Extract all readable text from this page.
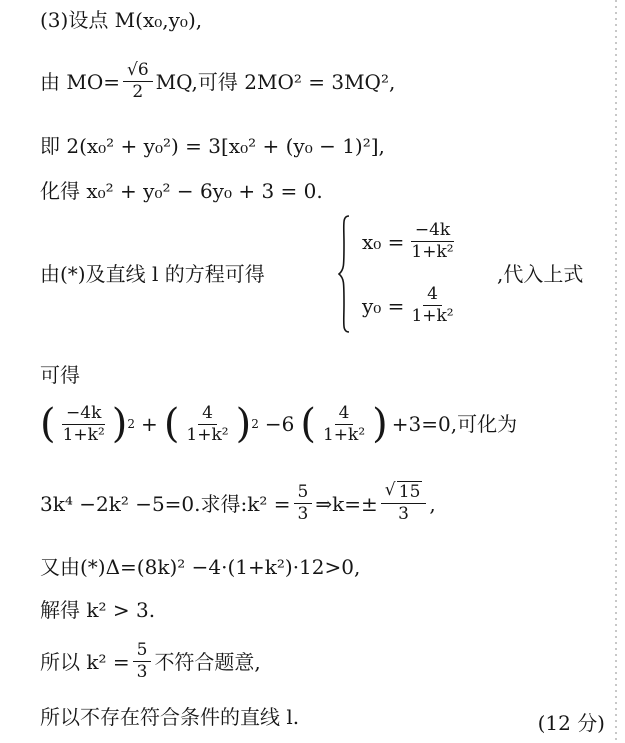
(3)设点 M(x₀,y₀),
由 $MO= \frac{√6}{2}$ MQ,可得 2MO² = 3MQ²,
即 2(x₀² + y₀²) = 3[x₀² + (y₀ − 1)²],
化得 x₀² + y₀² − 6y₀ + 3 = 0.
由(*)及直线 l 的方程可得
$x_0 = \frac{-4k}{\text{1+k²}}$
$y_0 = \frac{4}{\text{1+k²}}$
,代入上式
可得
( $\frac{-4k}{\text{1+k²}}$ ) 2 + ( $\frac{4}{\text{1+k²}}$ ) 2 −6 ( $\frac{4}{\text{1+k²}}$ ) +3=0,可化为
3k⁴ −2k² −5=0.求得:k² = $\frac{5}{3}$ ⇒k=±
√ $\frac{15}{3}$ ,
又由(*)Δ=(8k)² −4·(1+k²)·12>0,
解得 k² > 3.
所以 $k^2 = \frac{5}{3}$ 不符合题意,
所以不存在符合条件的直线 l.	(12 分)
